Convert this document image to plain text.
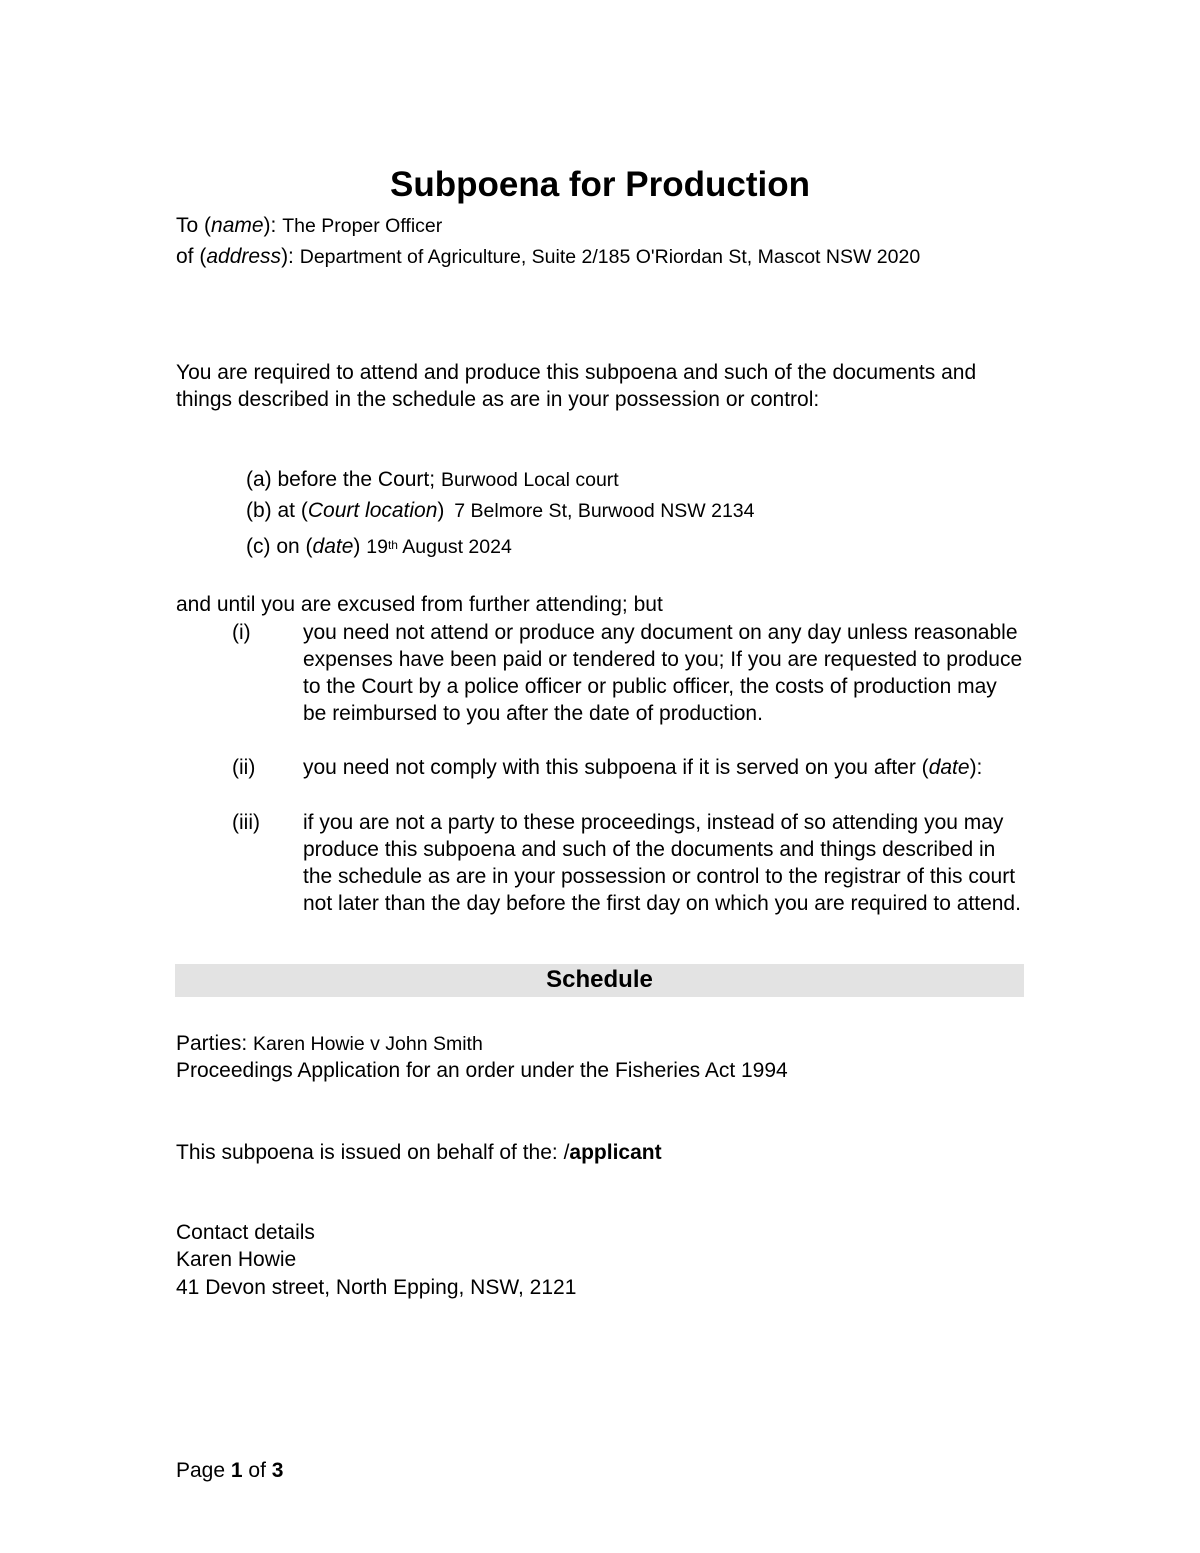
Subpoena for Production
To (name): The Proper Officer
of (address): Department of Agriculture, Suite 2/185 O'Riordan St, Mascot NSW 2020
You are required to attend and produce this subpoena and such of the documents and things described in the schedule as are in your possession or control:
(a) before the Court; Burwood Local court
(b) at (Court location) 7 Belmore St, Burwood NSW 2134
(c) on (date) 19th August 2024
and until you are excused from further attending; but
(i) you need not attend or produce any document on any day unless reasonable expenses have been paid or tendered to you; If you are requested to produce to the Court by a police officer or public officer, the costs of production may be reimbursed to you after the date of production.
(ii) you need not comply with this subpoena if it is served on you after (date):
(iii) if you are not a party to these proceedings, instead of so attending you may produce this subpoena and such of the documents and things described in the schedule as are in your possession or control to the registrar of this court not later than the day before the first day on which you are required to attend.
Schedule
Parties: Karen Howie v John Smith
Proceedings Application for an order under the Fisheries Act 1994
This subpoena is issued on behalf of the: /applicant
Contact details
Karen Howie
41 Devon street, North Epping, NSW, 2121
Page 1 of 3
